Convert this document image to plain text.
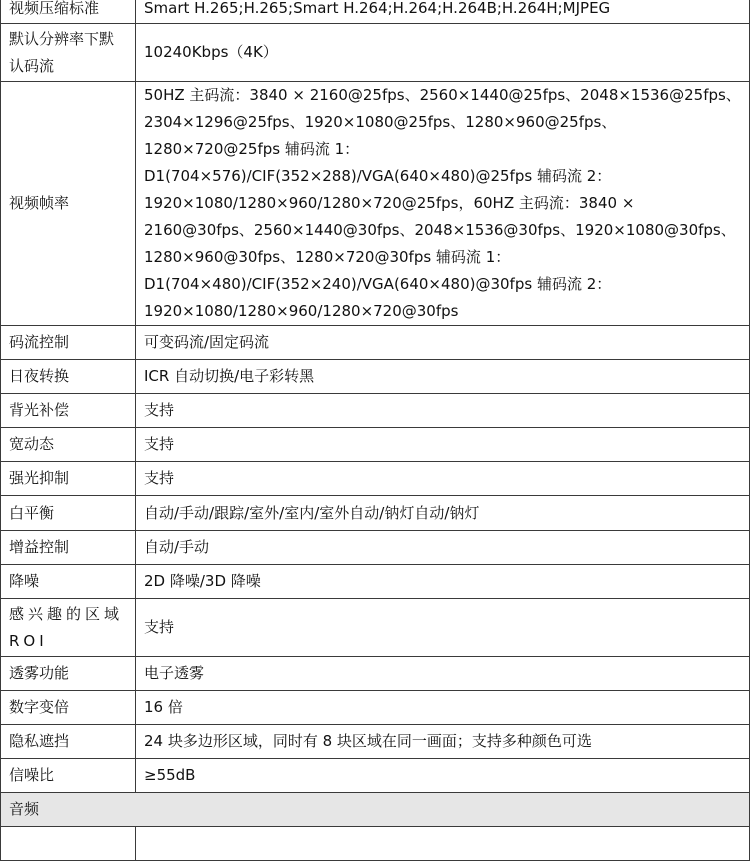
视频压缩标准	Smart H.265;H.265;Smart H.264;H.264;H.264B;H.264H;MJPEG
默认分辨率下默认码流	10240Kbps（4K）
视频帧率	50HZ 主码流：3840 × 2160@25fps、2560×1440@25fps、2048×1536@25fps、2304×1296@25fps、1920×1080@25fps、1280×960@25fps、1280×720@25fps 辅码流 1： D1(704×576)/CIF(352×288)/VGA(640×480)@25fps 辅码流 2：1920×1080/1280×960/1280×720@25fps，60HZ 主码流：3840 × 2160@30fps、2560×1440@30fps、2048×1536@30fps、1920×1080@30fps、1280×960@30fps、1280×720@30fps 辅码流 1：D1(704×480)/CIF(352×240)/VGA(640×480)@30fps 辅码流 2：1920×1080/1280×960/1280×720@30fps
码流控制	可变码流/固定码流
日夜转换	ICR 自动切换/电子彩转黑
背光补偿	支持
宽动态	支持
强光抑制	支持
白平衡	自动/手动/跟踪/室外/室内/室外自动/钠灯自动/钠灯
增益控制	自动/手动
降噪	2D 降噪/3D 降噪
感兴趣的区域 ROI	支持
透雾功能	电子透雾
数字变倍	16 倍
隐私遮挡	24 块多边形区域，同时有 8 块区域在同一画面；支持多种颜色可选
信噪比	≥55dB
音频	
